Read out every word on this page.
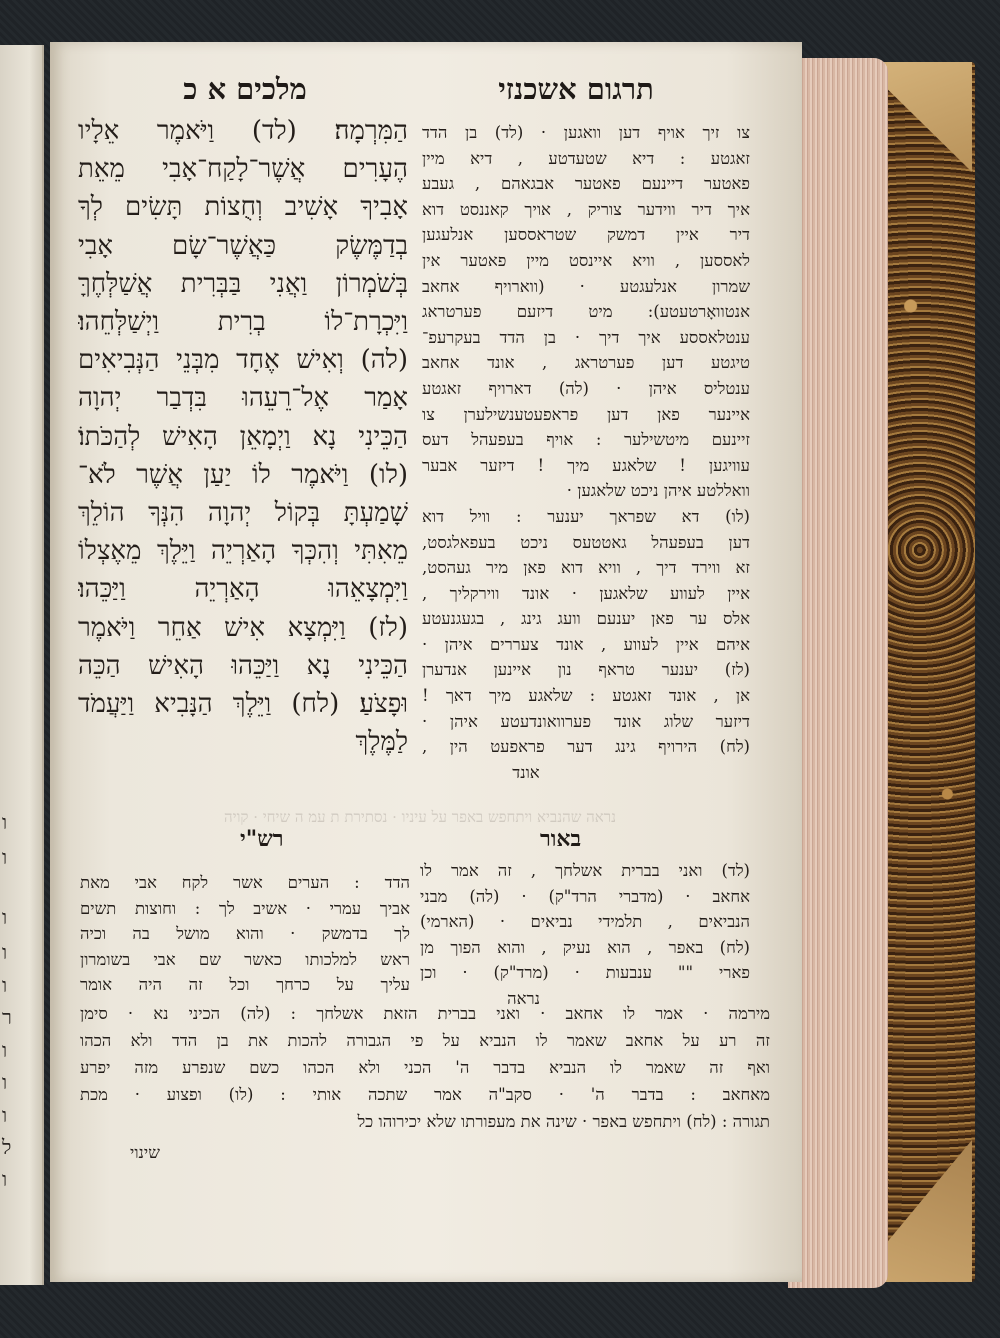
ו
ו
ו
ר
ו
ו
ו
ל
ו
ו
ו
תרגום אשכנזי
מלכים א כ
הַמִּרְמָה׃ (לד) וַיֹּאמֶר אֵלָיו
הֶעָרִים אֲשֶׁר־לָקַח־אָבִי מֵאֵת
אָבִיךָ אָשִׁיב וְחֻצוֹת תָּשִׂים לְךָ
בְדַמֶּשֶׂק כַּאֲשֶׁר־שָׂם אָבִי
בְּשֹׁמְרוֹן וַאֲנִי בַּבְּרִית אֲשַׁלְּחֶךָּ
וַיִּכְרָת־לוֹ בְרִית וַיְשַׁלְּחֵהוּ׃
(לה) וְאִישׁ אֶחָד מִבְּנֵי הַנְּבִיאִים
אָמַר אֶל־רֵעֵהוּ בִּדְבַר יְהוָה
הַכֵּינִי נָא וַיְמָאֵן הָאִישׁ לְהַכֹּתוֹ׃
(לו) וַיֹּאמֶר לוֹ יַעַן אֲשֶׁר לֹא־
שָׁמַעְתָּ בְּקוֹל יְהוָה הִנְּךָ הוֹלֵךְ
מֵאִתִּי וְהִכְּךָ הָאַרְיֵה וַיֵּלֶךְ מֵאֶצְלוֹ
וַיִּמְצָאֵהוּ הָאַרְיֵה וַיַּכֵּהוּ׃
(לז) וַיִּמְצָא אִישׁ אַחֵר וַיֹּאמֶר
הַכֵּינִי נָא וַיַּכֵּהוּ הָאִישׁ הַכֵּה
וּפָצֹעַ׃ (לח) וַיֵּלֶךְ הַנָּבִיא וַיַּעֲמֹד
לַמֶּלֶךְ
צו זיך אויף דען וואגען · (לד) בן הדד
זאגטע : דיא שטעדטע , דיא מיין
פאטער דיינעם פאטער אבגאהם , געבע
איך דיר ווידער צוריק , אויך קאננסט דוא
דיר איין דמשק שטראססען אנלעגען
לאססען , וויא איינסט מיין פאטער אין
שמרון אנלעגטע · (ווארויף אחאב
אנטוואָרטעטע): מיט דיזעם פערטראג
ענטלאססע איך דיך · בן הדד בעקרעפ־
טיגטע דען פערטראג , אונד אחאב
ענטליס איהן · (לה) דארויף זאגטע
איינער פאן דען פראפעטענשילערן צו
זיינעם מיטשילער : אויף בעפעהל דעס
עוויגען ! שלאגע מיך ! דיזער אבער
וואללטע איהן ניכט שלאגען ·
(לו) דא שפראך יענער : וויל דוא
דען בעפעהל גאטטעס ניכט בעפאלגסט,
זא ווירד דיך , וויא דוא פאן מיר געהסט,
איין לעווע שלאגען · אונד ווירקליך ,
אלס ער פאן יענעם וועג גינג , בגעגנעטע
איהם איין לעווע , אונד צעררים איהן ·
(לז) יענער טראף נון איינען אנדערן
אן , אונד זאגטע : שלאגע מיך דאך !
דיזער שלוג אונד פערוואונדעטע איהן ·
(לח) הירויף גינג דער פראפעט הין ,
אונד
נראה שהנביא ויתחפש באפר על עיניו · נסתירת ת עמ ה שיחי · קויה
באור
רש"י
(לד) ואני בברית אשלחך , זה אמר לו
אחאב · (מדברי הרד"ק) · (לה) מבני
הנביאים , תלמידי נביאים · (הארמי)
(לח) באפר , הוא נעיק , והוא הפוך מן
פארי "" ענבעות · (מרד"ק) · וכן
נראה
הדד : הערים אשר לקח אבי מאת
אביך עמרי · אשיב לך : וחוצות תשים
לך בדמשק · והוא מושל בה וכיה
ראש למלכותו כאשר שם אבי בשומרון
עליך על כרחך וכל זה היה אומר
מירמה · אמר לו אחאב · ואני בברית הזאת אשלחך : (לה) הכיני נא · סימן
זה רע על אחאב שאמר לו הנביא על פי הגבורה להכות את בן הדד ולא הכהו
ואף זה שאמר לו הנביא בדבר ה' הכני ולא הכהו כשם שנפרע מזה יפרע
מאחאב : בדבר ה' · סקב"ה אמר שתכה אותי : (לו) ופצוע · מכת
תגורה : (לח) ויתחפש באפר · שינה את מעפורתו שלא יכירוהו כל
שינוי
